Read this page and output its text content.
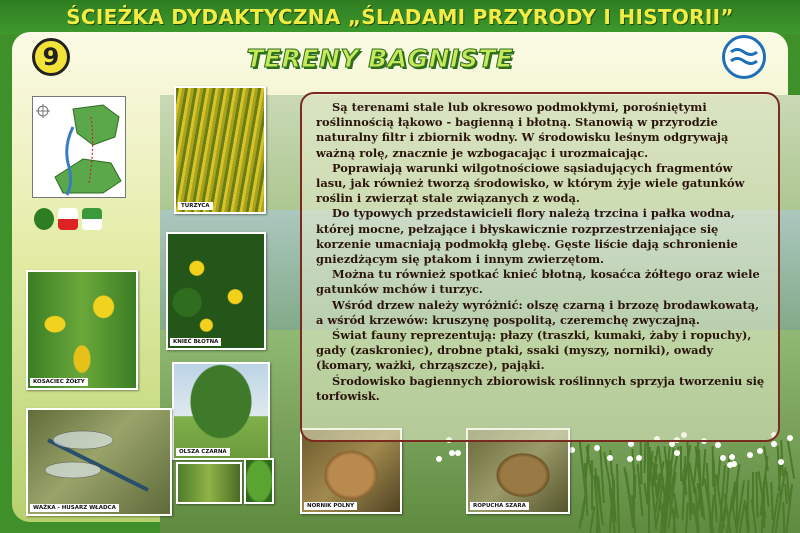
ŚCIEŻKA DYDAKTYCZNA „ŚLADAMI PRZYRODY I HISTORII”
9	TERENY BAGNISTE
TURZYCA
KNIEĆ BŁOTNA
KOSACIEC ŻÓŁTY
OLSZA CZARNA
WAŻKA - HUSARZ WŁADCA	NORNIK POLNY	ROPUCHA SZARA

Są terenami stale lub okresowo podmokłymi, porośniętymi roślinnością łąkowo - bagienną i błotną. Stanowią w przyrodzie naturalny filtr i zbiornik wodny. W środowisku leśnym odgrywają ważną rolę, znacznie je wzbogacając i urozmaicając.

Poprawiają warunki wilgotnościowe sąsiadujących fragmentów lasu, jak również tworzą środowisko, w którym żyje wiele gatunków roślin i zwierząt stale związanych z wodą.

Do typowych przedstawicieli flory należą trzcina i pałka wodna, której mocne, pełzające i błyskawicznie rozprzestrzeniające się korzenie umacniają podmokłą glebę. Gęste liście dają schronienie gniezdżącym się ptakom i innym zwierzętom.

Można tu również spotkać knieć błotną, kosaćca żółtego oraz wiele gatunków mchów i turzyc.

Wśród drzew należy wyróżnić: olszę czarną i brzozę brodawkowatą, a wśród krzewów: kruszynę pospolitą, czeremchę zwyczajną.

Świat fauny reprezentują: płazy (traszki, kumaki, żaby i ropuchy), gady (zaskroniec), drobne ptaki, ssaki (myszy, norniki), owady (komary, ważki, chrząszcze), pająki.

Środowisko bagiennych zbiorowisk roślinnych sprzyja tworzeniu się torfowisk.
